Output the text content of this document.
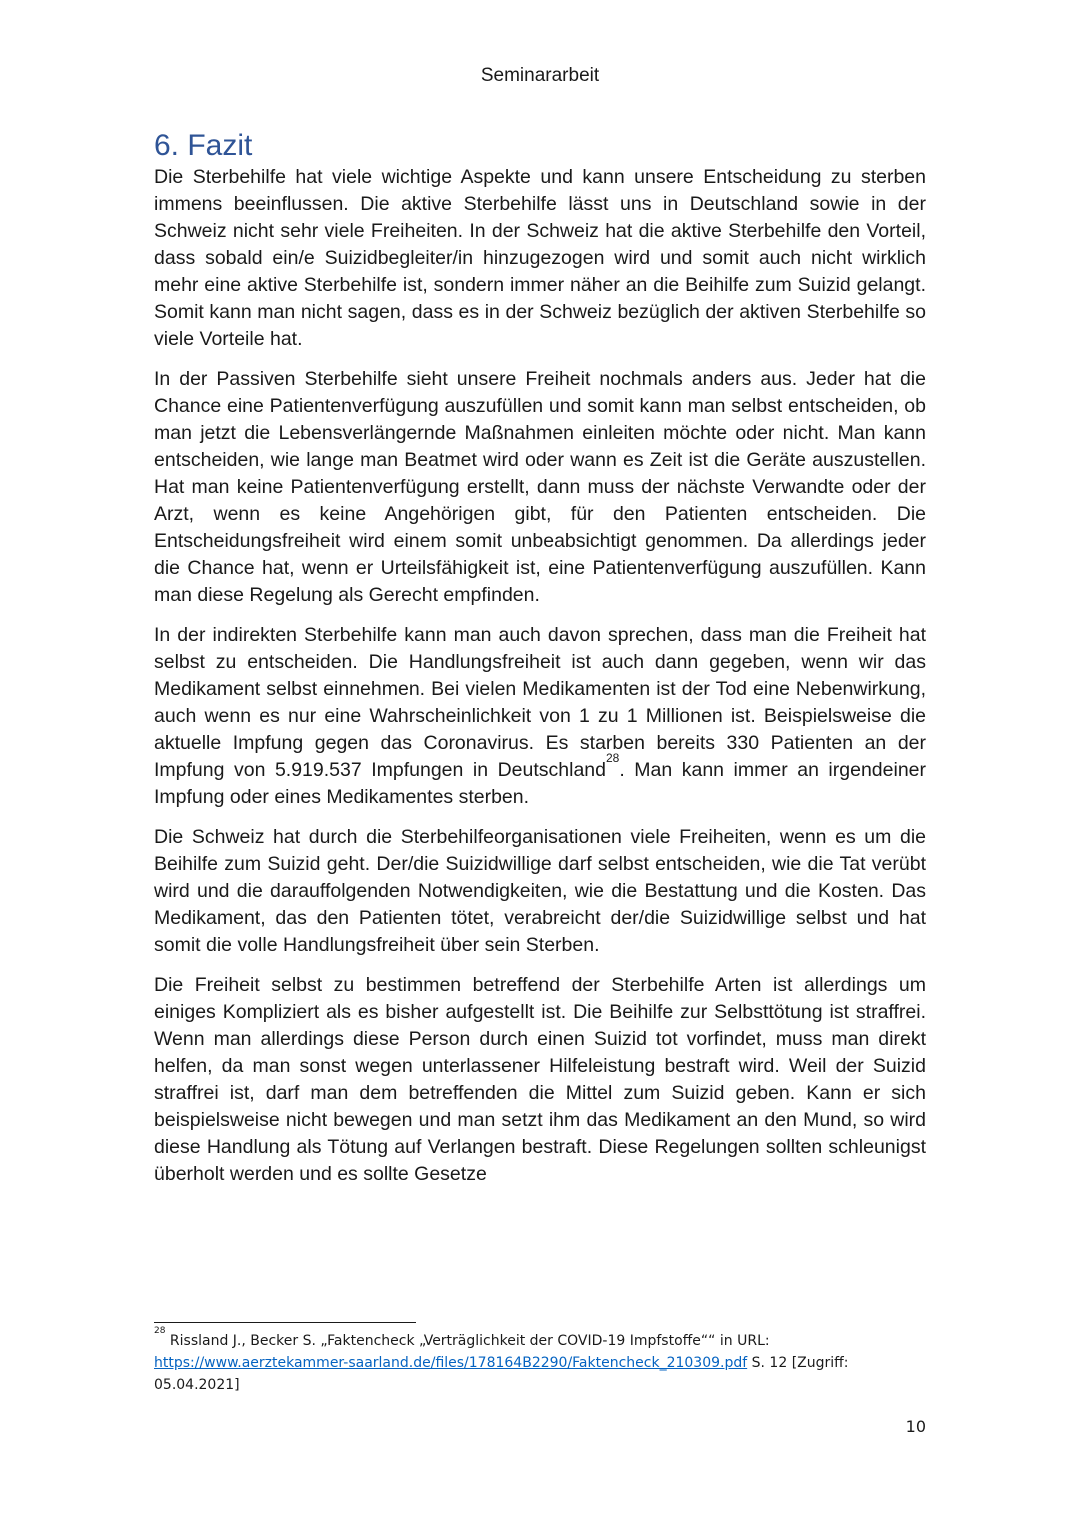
Seminararbeit
6. Fazit

Die Sterbehilfe hat viele wichtige Aspekte und kann unsere Entscheidung zu sterben immens beeinflussen. Die aktive Sterbehilfe lässt uns in Deutschland sowie in der Schweiz nicht sehr viele Freiheiten. In der Schweiz hat die aktive Sterbehilfe den Vorteil, dass sobald ein/e Suizidbegleiter/in hinzugezogen wird und somit auch nicht wirklich mehr eine aktive Sterbehilfe ist, sondern immer näher an die Beihilfe zum Suizid gelangt. Somit kann man nicht sagen, dass es in der Schweiz bezüglich der aktiven Sterbehilfe so viele Vorteile hat.

In der Passiven Sterbehilfe sieht unsere Freiheit nochmals anders aus. Jeder hat die Chance eine Patientenverfügung auszufüllen und somit kann man selbst entscheiden, ob man jetzt die Lebensverlängernde Maßnahmen einleiten möchte oder nicht. Man kann entscheiden, wie lange man Beatmet wird oder wann es Zeit ist die Geräte auszustellen. Hat man keine Patientenverfügung erstellt, dann muss der nächste Verwandte oder der Arzt, wenn es keine Angehörigen gibt, für den Patienten entscheiden. Die Entscheidungsfreiheit wird einem somit unbeabsichtigt genommen. Da allerdings jeder die Chance hat, wenn er Urteilsfähigkeit ist, eine Patientenverfügung auszufüllen. Kann man diese Regelung als Gerecht empfinden.

In der indirekten Sterbehilfe kann man auch davon sprechen, dass man die Freiheit hat selbst zu entscheiden. Die Handlungsfreiheit ist auch dann gegeben, wenn wir das Medikament selbst einnehmen. Bei vielen Medikamenten ist der Tod eine Nebenwirkung, auch wenn es nur eine Wahrscheinlichkeit von 1 zu 1 Millionen ist. Beispielsweise die aktuelle Impfung gegen das Coronavirus. Es starben bereits 330 Patienten an der Impfung von 5.919.537 Impfungen in Deutschland$^{28}$. Man kann immer an irgendeiner Impfung oder eines Medikamentes sterben.

Die Schweiz hat durch die Sterbehilfeorganisationen viele Freiheiten, wenn es um die Beihilfe zum Suizid geht. Der/die Suizidwillige darf selbst entscheiden, wie die Tat verübt wird und die darauffolgenden Notwendigkeiten, wie die Bestattung und die Kosten. Das Medikament, das den Patienten tötet, verabreicht der/die Suizidwillige selbst und hat somit die volle Handlungsfreiheit über sein Sterben.

Die Freiheit selbst zu bestimmen betreffend der Sterbehilfe Arten ist allerdings um einiges Kompliziert als es bisher aufgestellt ist. Die Beihilfe zur Selbsttötung ist straffrei. Wenn man allerdings diese Person durch einen Suizid tot vorfindet, muss man direkt helfen, da man sonst wegen unterlassener Hilfeleistung bestraft wird. Weil der Suizid straffrei ist, darf man dem betreffenden die Mittel zum Suizid geben. Kann er sich beispielsweise nicht bewegen und man setzt ihm das Medikament an den Mund, so wird diese Handlung als Tötung auf Verlangen bestraft. Diese Regelungen sollten schleunigst überholt werden und es sollte Gesetze

$^{28}$ Rissland J., Becker S. „Faktencheck „Verträglichkeit der COVID-19 Impfstoffe““ in URL: https://www.aerztekammer-saarland.de/files/178164B2290/Faktencheck_210309.pdf S. 12 [Zugriff: 05.04.2021]
10
